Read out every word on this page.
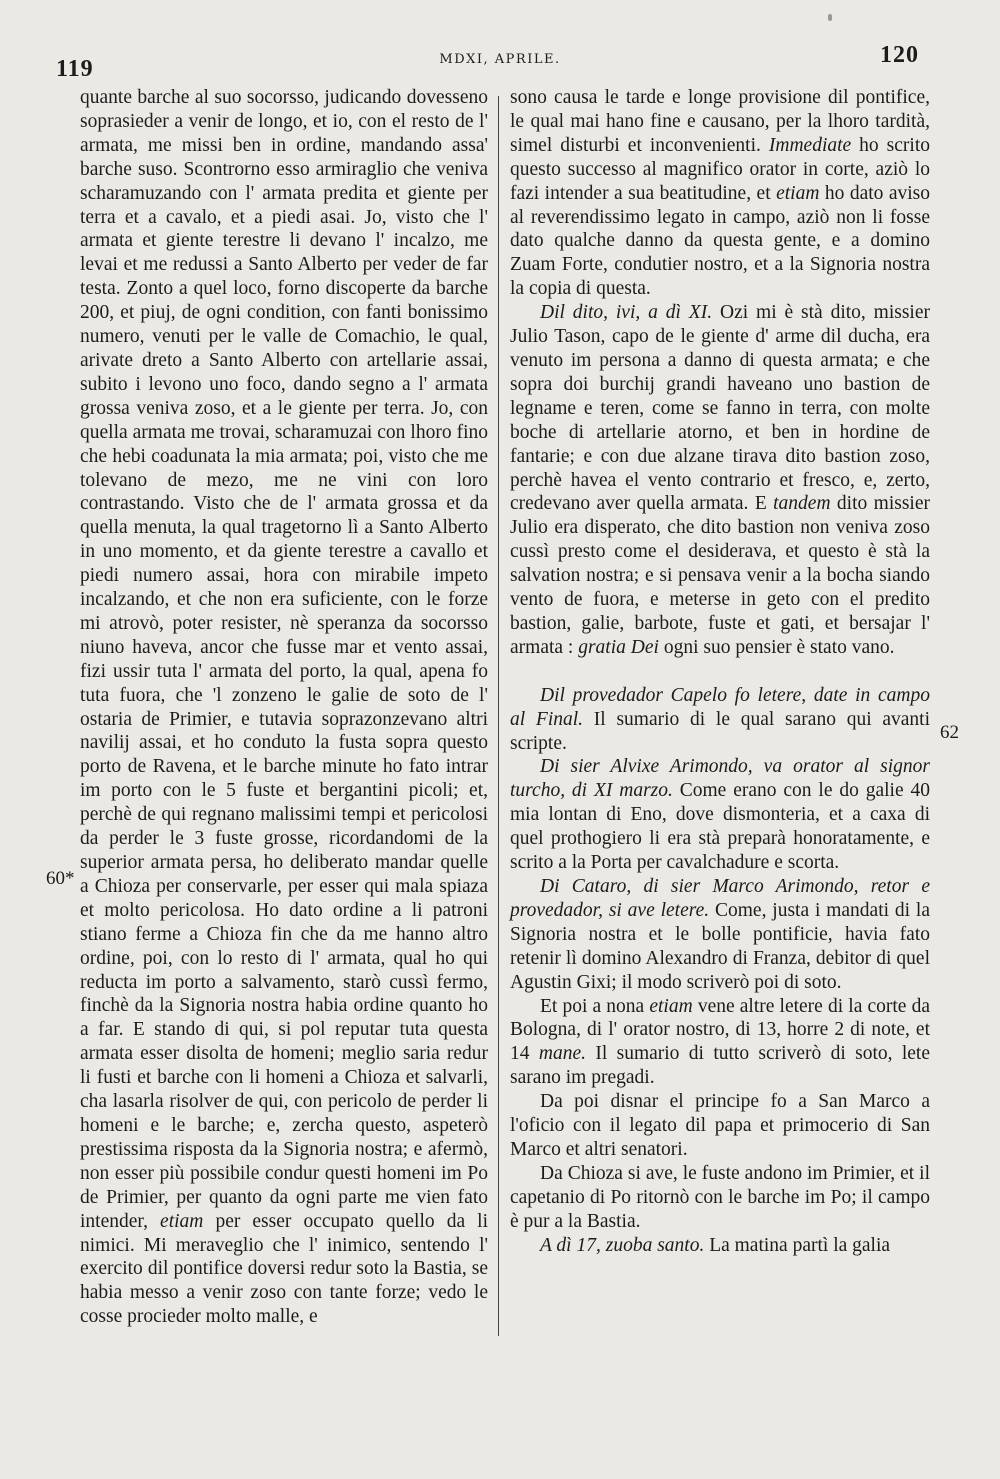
119	MDXI, APRILE.	120
60*
62

quante barche al suo socorsso, judicando dovesseno soprasieder a venir de longo, et io, con el resto de l' armata, me missi ben in ordine, mandando assa' barche suso. Scontrorno esso armiraglio che veniva scharamuzando con l' armata predita et giente per terra et a cavalo, et a piedi asai. Jo, visto che l' armata et giente terestre li devano l' incalzo, me levai et me redussi a Santo Alberto per veder de far testa. Zonto a quel loco, forno discoperte da barche 200, et piuj, de ogni condition, con fanti bonissimo numero, venuti per le valle de Comachio, le qual, arivate dreto a Santo Alberto con artellarie assai, subito i levono uno foco, dando segno a l' armata grossa veniva zoso, et a le giente per terra. Jo, con quella armata me trovai, scharamuzai con lhoro fino che hebi coadunata la mia armata; poi, visto che me tolevano de mezo, me ne vini con loro contrastando. Visto che de l' armata grossa et da quella menuta, la qual tragetorno lì a Santo Alberto in uno momento, et da giente terestre a cavallo et piedi numero assai, hora con mirabile impeto incalzando, et che non era suficiente, con le forze mi atrovò, poter resister, nè speranza da socorsso niuno haveva, ancor che fusse mar et vento assai, fizi ussir tuta l' armata del porto, la qual, apena fo tuta fuora, che 'l zonzeno le galie de soto de l' ostaria de Primier, e tutavia soprazonzevano altri navilij assai, et ho conduto la fusta sopra questo porto de Ravena, et le barche minute ho fato intrar im porto con le 5 fuste et bergantini picoli; et, perchè de qui regnano malissimi tempi et pericolosi da perder le 3 fuste grosse, ricordandomi de la superior armata persa, ho deliberato mandar quelle a Chioza per conservarle, per esser qui mala spiaza et molto pericolosa. Ho dato ordine a li patroni stiano ferme a Chioza fin che da me hanno altro ordine, poi, con lo resto di l' armata, qual ho qui reducta im porto a salvamento, starò cussì fermo, finchè da la Signoria nostra habia ordine quanto ho a far. E stando di qui, si pol reputar tuta questa armata esser disolta de homeni; meglio saria redur li fusti et barche con li homeni a Chioza et salvarli, cha lasarla risolver de qui, con pericolo de perder li homeni e le barche; e, zercha questo, aspeterò prestissima risposta da la Signoria nostra; e afermò, non esser più possibile condur questi homeni im Po de Primier, per quanto da ogni parte me vien fato intender, etiam per esser occupato quello da li nimici. Mi meraveglio che l' inimico, sentendo l' exercito dil pontifice doversi redur soto la Bastia, se habia messo a venir zoso con tante forze; vedo le cosse procieder molto malle, e

sono causa le tarde e longe provisione dil pontifice, le qual mai hano fine e causano, per la lhoro tardità, simel disturbi et inconvenienti. Immediate ho scrito questo successo al magnifico orator in corte, aziò lo fazi intender a sua beatitudine, et etiam ho dato aviso al reverendissimo legato in campo, aziò non li fosse dato qualche danno da questa gente, e a domino Zuam Forte, condutier nostro, et a la Signoria nostra la copia di questa.

Dil dito, ivi, a dì XI. Ozi mi è stà dito, missier Julio Tason, capo de le giente d' arme dil ducha, era venuto im persona a danno di questa armata; e che sopra doi burchij grandi haveano uno bastion de legname e teren, come se fanno in terra, con molte boche di artellarie atorno, et ben in hordine de fantarie; e con due alzane tirava dito bastion zoso, perchè havea el vento contrario et fresco, e, zerto, credevano aver quella armata. E tandem dito missier Julio era disperato, che dito bastion non veniva zoso cussì presto come el desiderava, et questo è stà la salvation nostra; e si pensava venir a la bocha siando vento de fuora, e meterse in geto con el predito bastion, galie, barbote, fuste et gati, et bersajar l' armata : gratia Dei ogni suo pensier è stato vano.

Dil provedador Capelo fo letere, date in campo al Final. Il sumario di le qual sarano qui avanti scripte.

Di sier Alvixe Arimondo, va orator al signor turcho, di XI marzo. Come erano con le do galie 40 mia lontan di Eno, dove dismonteria, et a caxa di quel prothogiero li era stà preparà honoratamente, e scrito a la Porta per cavalchadure e scorta.

Di Cataro, di sier Marco Arimondo, retor e provedador, si ave letere. Come, justa i mandati di la Signoria nostra et le bolle pontificie, havia fato retenir lì domino Alexandro di Franza, debitor di quel Agustin Gixi; il modo scriverò poi di soto.

Et poi a nona etiam vene altre letere di la corte da Bologna, di l' orator nostro, di 13, horre 2 di note, et 14 mane. Il sumario di tutto scriverò di soto, lete sarano im pregadi.

Da poi disnar el principe fo a San Marco a l'oficio con il legato dil papa et primocerio di San Marco et altri senatori.

Da Chioza si ave, le fuste andono im Primier, et il capetanio di Po ritornò con le barche im Po; il campo è pur a la Bastia.

A dì 17, zuoba santo. La matina partì la galia
